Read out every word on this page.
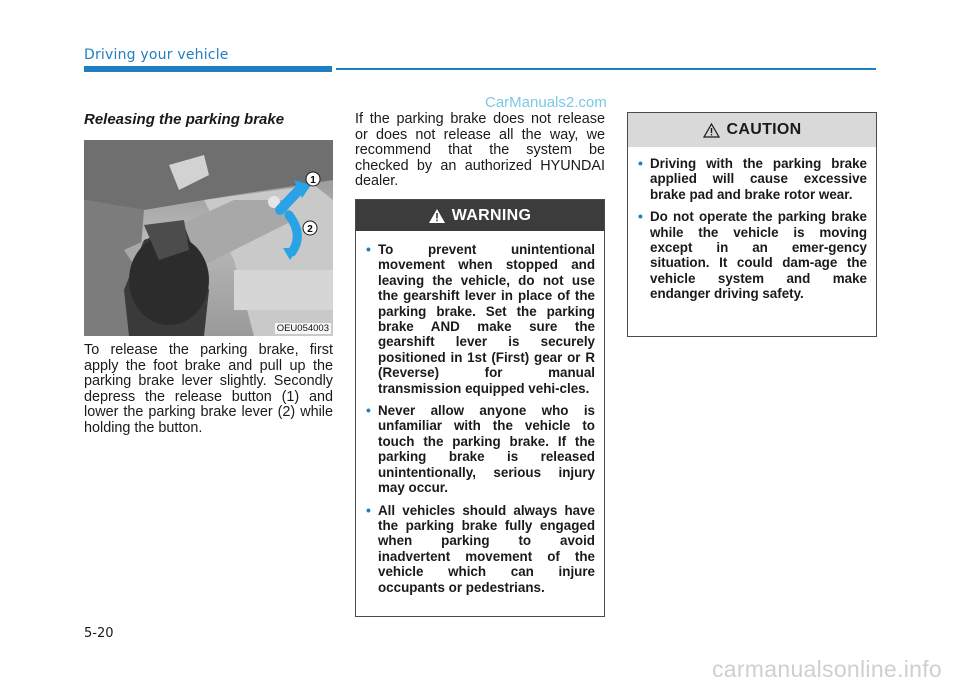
Driving your vehicle
CarManuals2.com
Releasing the parking brake
1
2
OEU054003
To release the parking brake, first apply the foot brake and pull up the parking brake lever slightly. Secondly depress the release button (1) and lower the parking brake lever (2) while holding the button.
If the parking brake does not release or does not release all the way, we recommend that the system be checked by an authorized HYUNDAI dealer.
WARNING
• To prevent unintentional movement when stopped and leaving the vehicle, do not use the gearshift lever in place of the parking brake. Set the parking brake AND make sure the gearshift lever is securely positioned in 1st (First) gear or R (Reverse) for manual transmission equipped vehi-cles.
• Never allow anyone who is unfamiliar with the vehicle to touch the parking brake. If the parking brake is released unintentionally, serious injury may occur.
• All vehicles should always have the parking brake fully engaged when parking to avoid inadvertent movement of the vehicle which can injure occupants or pedestrians.
CAUTION
• Driving with the parking brake applied will cause excessive brake pad and brake rotor wear.
• Do not operate the parking brake while the vehicle is moving except in an emer-gency situation. It could dam-age the vehicle system and make endanger driving safety.
5-20
carmanualsonline.info
